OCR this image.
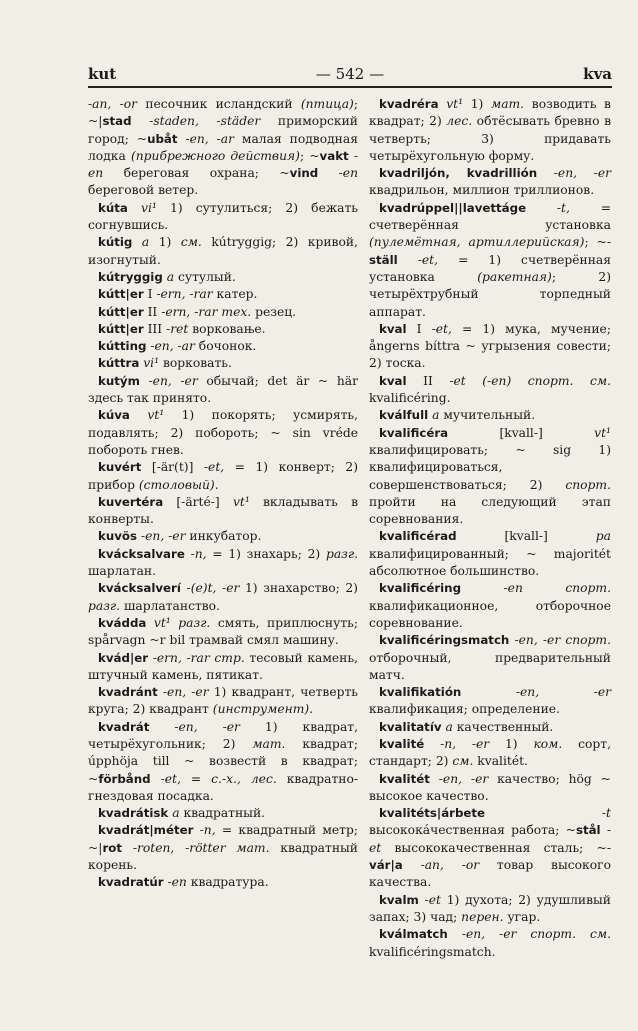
kut	— 542 —	kva

-an, -or песочник исландский (птица); ~|stad -staden, -städer приморский город; ~ubåt -en, -ar малая подводная лодка (прибрежного действия); ~vakt -en береговая охрана; ~vind -en береговой ветер.

kúta vi¹ 1) сутулиться; 2) бежать согнувшись.

kútig a 1) см. kútryggig; 2) кривой, изогнутый.

kútryggig a сутулый.

kútt|er I -ern, -rar катер.

kútt|er II -ern, -rar тех. резец.

kútt|er III -ret ворковање.

kútting -en, -ar бочонок.

kúttra vi¹ ворковать.

kutým -en, -er обычай; det är ~ här здесь так принято.

kúva vt¹ 1) покорять; усмирять, подавлять; 2) побороть; ~ sin vréde побороть гнев.

kuvért [-är(t)] -et, = 1) конверт; 2) прибор (столовый).

kuvertéra [-ärté-] vt¹ вкладывать в конверты.

kuvös -en, -er инкубатор.

kvácksalvare -n, = 1) знахарь; 2) разг. шарлатан.

kvácksalverí -(e)t, -er 1) знахарство; 2) разг. шарлатанство.

kvádda vt¹ разг. смять, приплюснуть; spårvagn ~r bil трамвай смял машину.

kvád|er -ern, -rar стр. тесовый камень, штучный камень, пятикат.

kvadránt -en, -er 1) квадрант, четверть круга; 2) квадрант (инструмент).

kvadrát -en, -er 1) квадрат, четырёхугольник; 2) мат. квадрат; úpphöja till ~ возвестй в квадрат; ~förbånd -et, = с.-х., лес. квадратно-гнездовая посадка.

kvadrátisk a квадратный.

kvadrát|méter -n, = квадратный метр; ~|rot -roten, -rötter мат. квадратный корень.

kvadratúr -en квадратура.

kvadréra vt¹ 1) мат. возводить в квадрат; 2) лес. обтёсывать бревно в четверть; 3) придавать четырёхугольную форму.

kvadriljón, kvadrillión -en, -er квадрильон, миллион триллионов.

kvadrúppel||lavettáge	-t, = счетверённая установка (пулемётная, артиллерийская); ~-ställ -et, = 1) счетверённая установка (ракетная); 2) четырёхтрубный торпедный аппарат.

kval I -et, = 1) мука, мучение; ångerns bíttra ~ угрызения совести; 2) тоска.

kval II -et (-en) спорт. см. kvalificéring.

kválfull a мучительный.

kvalificéra [kvall-] vt¹ квалифицировать; ~ sig 1) квалифицироваться, совершенствоваться; 2) спорт. пройти на следующий этап соревнования.

kvalificérad [kvall-] pa квалифицированный; ~ majoritét абсолютное большинство.

kvalificéring	-en спорт. квалификационное, отборочное соревнование.

kvalificéringsmatch -en, -er спорт. отборочный, предварительный матч.

kvalifikatión	-en, -er квалификация; определение.

kvalitatív a качественный.

kvalité -n, -er 1) ком. сорт, стандарт; 2) см. kvalitét.

kvalitét -en, -er качество; hög ~ высокое качество.

kvalitéts|árbete	-t высококáчественная работа; ~stål -et высококачественная сталь; ~-vár|a -an, -or товар высокого качества.

kvalm -et 1) духота; 2) удушливый запах; 3) чад; перен. угар.

kválmatch -en, -er спорт. см. kvalificéringsmatch.
